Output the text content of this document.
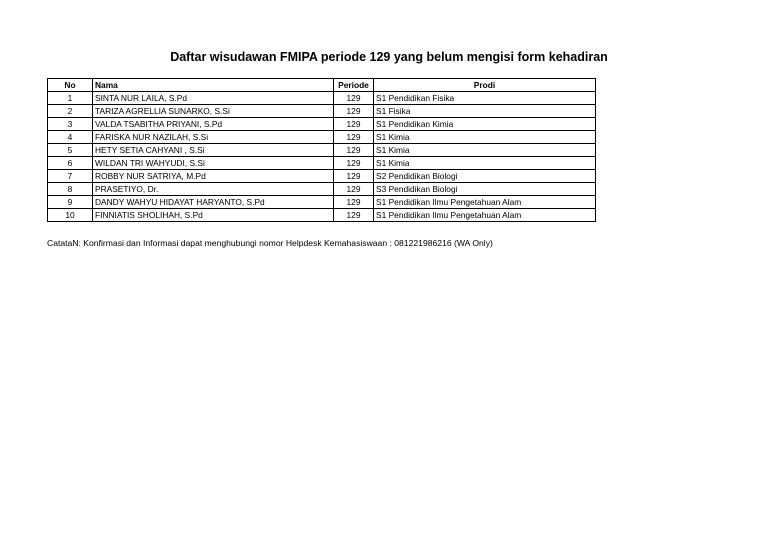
Daftar wisudawan FMIPA periode 129 yang belum mengisi form kehadiran
No	Nama	Periode	Prodi
1	SINTA NUR LAILA, S.Pd	129	S1 Pendidikan Fisika
2	TARIZA AGRELLIA SUNARKO, S.Si	129	S1 Fisika
3	VALDA TSABITHA PRIYANI, S.Pd	129	S1 Pendidikan Kimia
4	FARISKA NUR NAZILAH, S.Si	129	S1 Kimia
5	HETY SETIA CAHYANI , S.Si	129	S1 Kimia
6	WILDAN TRI WAHYUDI, S.Si	129	S1 Kimia
7	ROBBY NUR SATRIYA, M.Pd	129	S2 Pendidikan Biologi
8	PRASETIYO, Dr.	129	S3 Pendidikan Biologi
9	DANDY WAHYU HIDAYAT HARYANTO, S.Pd	129	S1 Pendidikan Ilmu Pengetahuan Alam
10	FINNIATIS SHOLIHAH, S.Pd	129	S1 Pendidikan Ilmu Pengetahuan Alam
CatataN: Konfirmasi dan Informasi dapat menghubungi nomor Helpdesk Kemahasiswaan : 081221986216 (WA Only)
